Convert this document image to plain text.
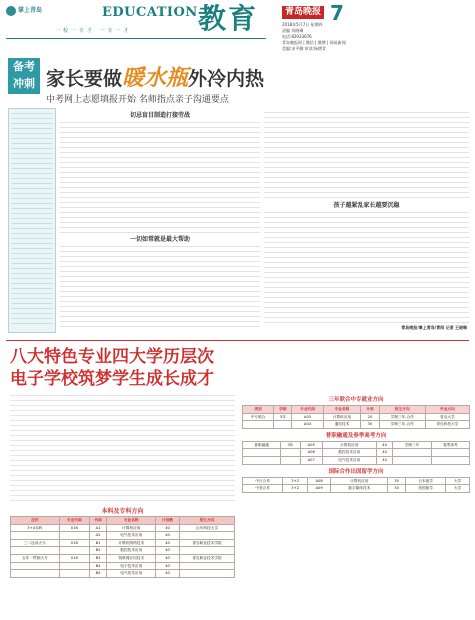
掌上青岛	EDUCATION 教育	青岛晚报 7
一校一专才 一专一才
2018年5月7日 星期四
责编 刘晓琳
电话:82933676
青岛晚报网 | 微信 | 微博 | 网易新闻
美编:宋平卿 审读:杨增青
备考
冲刺 家长要做暖水瓶外冷内热
中考网上志愿填报开始 名师指点亲子沟通要点
切忌盲目制造打接劳战
一切如常就是最大帮助
孩子越紧乱家长越要沉稳
青岛晚报/掌上青岛/青网 记者 王晓琳
八大特色专业四大学历层次
电子学校筑梦学生成长成才
本科及专科方向
层次	专业代码	代码	专业名称	计划数	招生方向
3+4本科	016	A1	计算机应用	40	山东科技大学
		A2	电气技术应用	40	
三二连读大专	016	B1	计算机网络技术	40	青岛职业技术学院
		B2	数控技术应用	40	
五年一贯制大专	016	B3	物联网应用技术	40	青岛职业技术学院
		B4	电子技术应用	40	
		B5	电气技术应用	40	
三年联合中专就业方向
类别	学制	专业代码	专业名称	计划	招生方向	毕业方向
中专联合	3年	A03	计算机应用	20	学制三年,合作	青岛大学
		A04	通信技术	30	学制三年,合作	青岛科技大学
普职融通及春季高考方向
普职融通	3年	A05	计算机应用	40	学制三年	春季高考
		A06	数控技术应用	40		
		A07	电气技术应用	40		
国际合作出国留学方向
中日合作	3+2	A08	计算机应用	30	日本留学	大学
中美合作	3+2	A09	数字媒体技术	30	美国留学	大学
